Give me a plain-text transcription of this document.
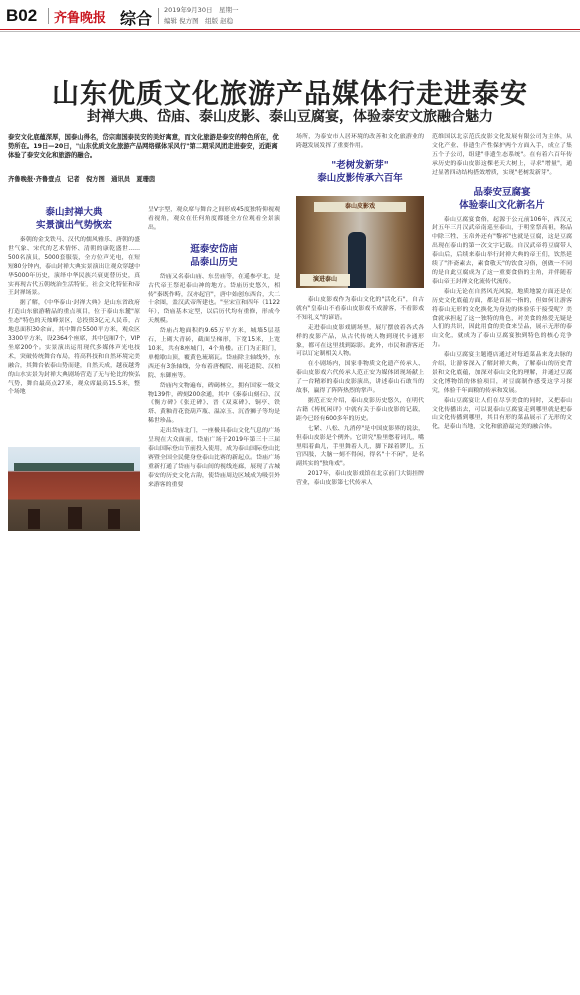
B02 齐鲁晚报 综合 2019年9月30日　星期一
编辑 倪方图　组版 赵稳
山东优质文化旅游产品媒体行走进泰安
封禅大典、岱庙、泰山皮影、泰山豆腐宴，体验泰安文旅融合魅力
泰安文化底蕴深厚，国泰山得名，岱宗南国泰民安的美好寓意，而文化旅游是泰安的特色所在，优势所在。19日—20日，"山东优质文化旅游产品网络媒体采风行"第二期采风团走进泰安，近距离体验了泰安文化和旅游的融合。
齐鲁晚报·齐鲁壹点　记者　倪方图　通讯员　夏珊茵
泰山封禅大典
实景演出气势恢宏

秦朝的金戈铁马、汉代的儒风雅乐、唐朝的盛世气象、宋代的艺术情怀、清朝的康乾盛世……500名演员，5000套服装，全方位声光电，在短短80分钟内，泰山封禅大典实景演出让观众穿越中华5000年历史，演绎中华民族兴衰更替历史，真实再现古代五朝统治生活特征，社会文化特征和帝王封禅场景。

据了解，《中华泰山·封禅大典》是山东省政府打造山东旅游精品的重点项目，位于泰山东麓"原生态"特色的天烛峰景区，总投资3亿元人民币，占地总面积30余亩，其中舞台5500平方米，观众区3300平方米，设2364个座席，其中包厢7个，VIP坐席200个。实景演出运用现代多媒体声光电技术，突破传统舞台布局，将高科技和自然环境完美融合，其舞台依泰山势而建，自然天成，越夜越秀的山水实景为封禅大典剧场营造了无与伦比的恢弘气势，舞台最高点27米，观众席最高15.5米，整个场地

呈V字型，观众席与舞台之间形成45度独特仰视观看视角，观众在任何角度都能全方位观看全景演出。

逛泰安岱庙
品泰山历史

岱庙又名泰山庙、东岳庙等，在遥参亭北，是古代帝王祭祀泰山神的地方。岱庙历史悠久，相传"秦既作畤，汉亦起宫"，唐中始创东西台，大二十余图，盖汉武帝所建也。"至宋宣和四年（1122年），岱庙基本定型，以后历代均有重修，形成今天规模。

岱庙占地面积约9.65万平方米，城墙5层基石，上砌大青砖，截面呈梯形，下宽15米，上宽10米，共有8座城门，4个角楼。正门为正阳门，单檐歇山顶，覆黄色琉璃瓦。岱庙除主轴线外，东西还有3条轴线，分布着唐槐院、雨花道院、汉柏院、东御座等。

岱庙内文物遍布，碑碣林立，拥有国家一级文物139件，碑刻200余通，其中《秦泰山刻石》、汉《衡方碑》《张迁碑》、晋《双束碑》、铜亭、铁塔、黄釉青花瓷葫芦瓶、温凉玉、沉香狮子等均是稀世珍品。

走出岱庙北门，一座极具泰山文化气息的广场呈现在大众面前，岱庙广场于2019年第三十三届泰山国际登山节前投入使用，成为泰山国际登山比赛暨全国全民健身登泰山比赛的新起点。岱庙广场重新打通了岱庙与泰山间的视线连廊，展现了古城泰安的历史文化古韵，使岱庙周边区域成为吸引外来游客的重要

场所，为泰安市人居环境的改善和文化旅游业的跨越发展发挥了重要作用。

"老树发新芽"
泰山皮影传承六百年
泰山皮影戏
演进泰山

泰山皮影戏作为泰山文化的"活化石"，自古就有"皇泰山不看泰山皮影戏不成游客，不看影戏不知礼义"的谚语。

走进泰山皮影戏剧场里，展厅摆放着各式各样的皮影产品，从古代传统人物到现代卡通形象，都可在这里找到踪影。此外，市民和游客还可以订定制相关人物。

在小剧场内，国家非物质文化遗产传承人、泰山皮影戏六代传承人范正安为媒体团现场献上了一台精彩的泰山皮影演出，讲述泰山石敢当的故事，赢得了阵阵热烈的掌声。

据范正安介绍，泰山皮影历史悠久，在明代古籍《梼杌闲评》中就有关于泰山皮影的记载，距今已经有600多年的历史。

七紧、八松、九消停"是中国皮影界的说法，但泰山皮影是个例外。它讲究"脸里憋着词儿，嘴里唱着曲儿，手里舞着人儿，脚下踩着锣儿，五官四肢，大脑一刻不得闲，得名"十不闲"，是名副其实的"独角戏"。

2017年，泰山皮影戏馆在北京前门大街挂牌营业，泰山皮影第七代传承人

范维国以北京范氏皮影文化发展有限公司为主体，从文化产业、非遗生产性保护两个方面入手，成立了集五个子公司，组建"非遗生态系统"。在有着六百年传承历史的泰山皮影这棵老天大树上，寻求"增量"，通过显著四动结构搭效增质，实现"老树发新芽"。

品泰安豆腐宴
体验泰山文化新名片

泰山豆腐宴食俗，起源于公元前106年，西汉元封五年三月汉武帝南巡至泰山，于明堂祭高祖，称品中除三牲、玉帛外还有"黎祁"也就是豆腐，这是豆腐出现在泰山的第一次文字记载。自汉武帝将豆腐带人泰山后，后续来泰山举行封禅大典的帝王们，饮然延续了"泮斋素去，素食敬天"的饮食习俗，创做一不同的是自此豆腐成为了这一重要食俗的主角，并伴随着泰山帝王封禅文化流传代流传。

泰山无论在自然风光风貌，地质地貌方面还是在历史文化底蕴方面，都是首屈一指的，但如何让游客将泰山无形的文化换化为身边的体验乐于接受呢？美食就承担起了这一独特的角色，对美食的热爱无疑是人们的共识，因此用食的美食来呈品，展示无形的泰山文化，就成为了泰山豆腐宴独到特色的核心竞争力。

泰山豆腐宴主题遵店通过对每道菜品来龙去脉的介绍，让游客深入了解封禅大典，了解泰山的历史背景和文化底蕴，加深对泰山文化的理解，并通过豆腐文化博物馆的体验项目，对豆腐制作感受这学习探究，体验千年面粮的传承和发展。

泰山豆腐宴让人们在尽享美食的同时，又把泰山文化传播出去，可以说泰山豆腐宴走到哪里就是把泰山文化传播到哪里，其目有形的菜品展示了无形的文化，是泰山当地，文化和旅游最完美的融合体。
